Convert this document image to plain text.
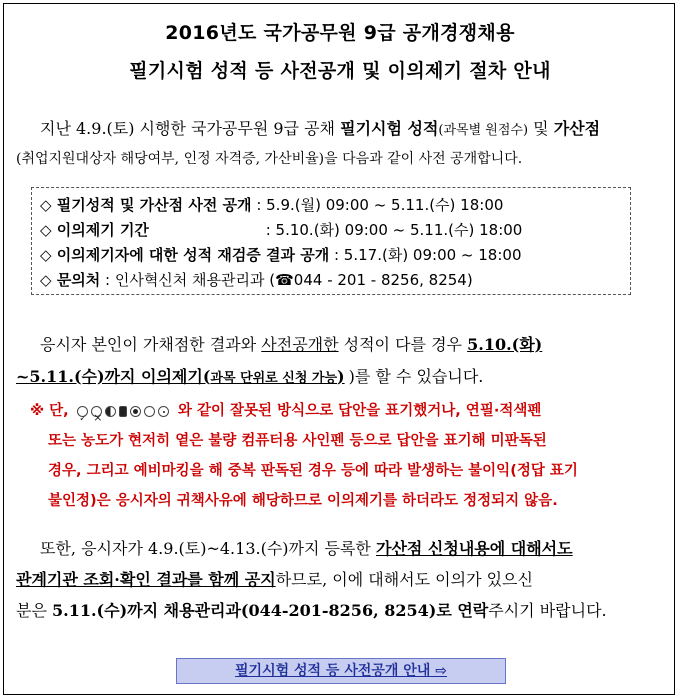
2016년도 국가공무원 9급 공개경쟁채용
필기시험 성적 등 사전공개 및 이의제기 절차 안내
지난 4.9.(토) 시행한 국가공무원 9급 공채 필기시험 성적(과목별 원점수) 및 가산점
(취업지원대상자 해당여부, 인정 자격증, 가산비율)을 다음과 같이 사전 공개합니다.
◇ 필기성적 및 가산점 사전 공개 : 5.9.(월) 09:00 ~ 5.11.(수) 18:00
◇ 이의제기 기간	: 5.10.(화) 09:00 ~ 5.11.(수) 18:00
◇ 이의제기자에 대한 성적 재검증 결과 공개 : 5.17.(화) 09:00 ~ 18:00
◇ 문의처 : 인사혁신처 채용관리과 (☎044 - 201 - 8256, 8254)
응시자 본인이 가채점한 결과와 사전공개한 성적이 다를 경우 5.10.(화)
~5.11.(수)까지 이의제기(과목 단위로 신청 가능) )를 할 수 있습니다.
※ 단, ✓ ×	와 같이 잘못된 방식으로 답안을 표기했거나, 연필·적색펜
또는 농도가 현저히 옅은 불량 컴퓨터용 사인펜 등으로 답안을 표기해 미판독된
경우, 그리고 예비마킹을 해 중복 판독된 경우 등에 따라 발생하는 불이익(정답 표기
불인정)은 응시자의 귀책사유에 해당하므로 이의제기를 하더라도 정정되지 않음.
또한, 응시자가 4.9.(토)~4.13.(수)까지 등록한 가산점 신청내용에 대해서도
관계기관 조회·확인 결과를 함께 공지하므로, 이에 대해서도 이의가 있으신
분은 5.11.(수)까지 채용관리과(044-201-8256, 8254)로 연락주시기 바랍니다.
필기시험 성적 등 사전공개 안내 ⇨
